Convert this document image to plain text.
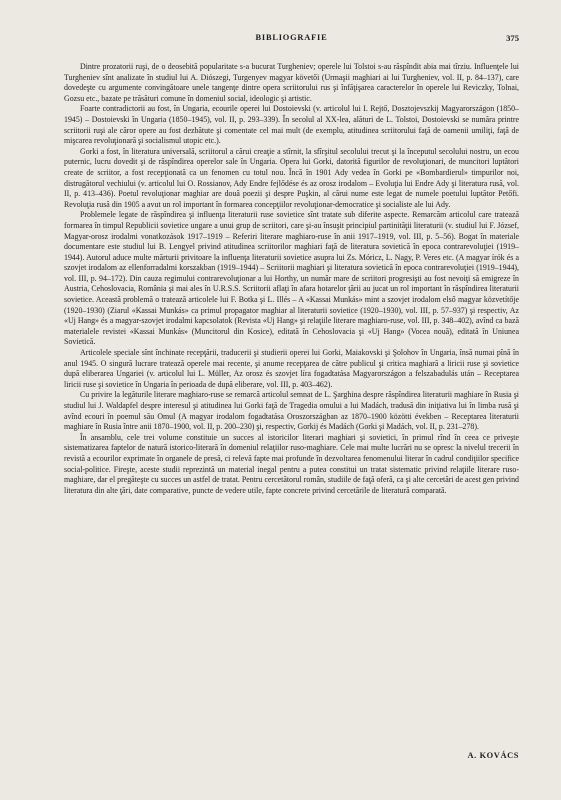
BIBLIOGRAFIE	375

Dintre prozatorii ruşi, de o deosebită popularitate s-a bucurat Turgheniev; operele lui Tolstoi s-au răspîndit abia mai tîrziu. Influenţele lui Turgheniev sînt analizate în studiul lui A. Diószegi, Turgenyev magyar követői (Urmaşii maghiari ai lui Turgheniev, vol. II, p. 84–137), care dovedeşte cu argumente convingătoare unele tangenţe dintre opera scriitorului rus şi înfăţişarea caracterelor în operele lui Reviczky, Tolnai, Gozsu etc., bazate pe trăsături comune în domeniul social, ideologic şi artistic.

Foarte contradictorii au fost, în Ungaria, ecourile operei lui Dostoievski (v. articolul lui I. Rejtő, Dosztojevszkij Magyarországon (1850–1945) – Dostoievski în Ungaria (1850–1945), vol. II, p. 293–339). În secolul al XX-lea, alături de L. Tolstoi, Dostoievski se număra printre scriitorii ruşi ale căror opere au fost dezbătute şi comentate cel mai mult (de exemplu, atitudinea scriitorului faţă de oamenii umiliţi, faţă de mişcarea revoluţionară şi socialismul utopic etc.).

Gorki a fost, în literatura universală, scriitorul a cărui creaţie a stîrnit, la sfîrşitul secolului trecut şi la începutul secolului nostru, un ecou puternic, lucru dovedit şi de răspîndirea operelor sale în Ungaria. Opera lui Gorki, datorită figurilor de revoluţionari, de muncitori luptători create de scriitor, a fost recepţionată ca un fenomen cu totul nou. Încă în 1901 Ady vedea în Gorki pe «Bombardierul» timpurilor noi, distrugătorul vechiului (v. articolul lui O. Rossianov, Ady Endre fejlődése és az orosz irodalom – Evoluţia lui Endre Ady şi literatura rusă, vol. II, p. 413–436). Poetul revoluţionar maghiar are două poezii şi despre Puşkin, al cărui nume este legat de numele poetului luptător Petőfi. Revoluţia rusă din 1905 a avut un rol important în formarea concepţiilor revoluţionar-democratice şi socialiste ale lui Ady.

Problemele legate de răspîndirea şi influenţa literaturii ruse sovietice sînt tratate sub diferite aspecte. Remarcăm articolul care tratează formarea în timpul Republicii sovietice ungare a unui grup de scriitori, care şi-au însuşit principiul partinităţii literaturii (v. studiul lui F. József, Magyar-orosz irodalmi vonatkozások 1917–1919 – Referiri literare maghiaro-ruse în anii 1917–1919, vol. III, p. 5–56). Bogat în materiale documentare este studiul lui B. Lengyel privind atitudinea scriitorilor maghiari faţă de literatura sovietică în epoca contrarevoluţiei (1919–1944). Autorul aduce multe mărturii privitoare la influenţa literaturii sovietice asupra lui Zs. Móricz, L. Nagy, P. Veres etc. (A magyar írók és a szovjet irodalom az ellenforradalmi korszakban (1919–1944) – Scriitorii maghiari şi literatura sovietică în epoca contrarevoluţiei (1919–1944), vol. III, p. 94–172). Din cauza regimului contrarevoluţionar a lui Horthy, un număr mare de scriitori progresişti au fost nevoiţi să emigreze în Austria, Cehoslovacia, România şi mai ales în U.R.S.S. Scriitorii aflaţi în afara hotarelor ţării au jucat un rol important în răspîndirea literaturii sovietice. Această problemă o tratează articolele lui F. Botka şi L. Illés – A «Kassai Munkás» mint a szovjet irodalom első magyar közvetítője (1920–1930) (Ziarul «Kassai Munkás» ca primul propagator maghiar al literaturii sovietice (1920–1930), vol. III, p. 57–937) şi respectiv, Az «Uj Hang» és a magyar-szovjet irodalmi kapcsolatok (Revista «Uj Hang» şi relaţiile literare maghiaro-ruse, vol. III, p. 348–402), avînd ca bază materialele revistei «Kassai Munkás» (Muncitorul din Kosice), editată în Cehoslovacia şi «Uj Hang» (Vocea nouă), editată în Uniunea Sovietică.

Articolele speciale sînt închinate recepţării, traducerii şi studierii operei lui Gorki, Maiakovski şi Şolohov în Ungaria, însă numai pînă în anul 1945. O singură lucrare tratează operele mai recente, şi anume recepţarea de către publicul şi critica maghiară a liricii ruse şi sovietice după eliberarea Ungariei (v. articolul lui L. Müller, Az orosz és szovjet líra fogadtatása Magyarországon a felszabadulás után – Receptarea liricii ruse şi sovietice în Ungaria în perioada de după eliberare, vol. III, p. 403–462).

Cu privire la legăturile literare maghiaro-ruse se remarcă articolul semnat de L. Şarghina despre răspîndirea literaturii maghiare în Rusia şi studiul lui J. Waldapfel despre interesul şi atitudinea lui Gorki faţă de Tragedia omului a lui Madách, tradusă din iniţiativa lui în limba rusă şi avînd ecouri în poemul său Omul (A magyar irodalom fogadtatása Oroszországban az 1870–1900 közötti években – Receptarea literaturii maghiare în Rusia între anii 1870–1900, vol. II, p. 200–230) şi, respectiv, Gorkij és Madách (Gorki şi Madách, vol. II, p. 231–278).

În ansamblu, cele trei volume constituie un succes al istoricilor literari maghiari şi sovietici, în primul rînd în ceea ce priveşte sistematizarea faptelor de natură istorico-literară în domeniul relaţiilor ruso-maghiare. Cele mai multe lucrări nu se opresc la nivelul trecerii în revistă a ecourilor exprimate în organele de presă, ci relevă fapte mai profunde în dezvoltarea fenomenului literar în cadrul condiţiilor specifice social-politice. Fireşte, aceste studii reprezintă un material inegal pentru a putea constitui un tratat sistematic privind relaţiile literare ruso-maghiare, dar el pregăteşte cu succes un astfel de tratat. Pentru cercetătorul român, studiile de faţă oferă, ca şi alte cercetări de acest gen privind literatura din alte ţări, date comparative, puncte de vedere utile, fapte concrete privind cercetările de literatură comparată.

A. KOVÁCS
